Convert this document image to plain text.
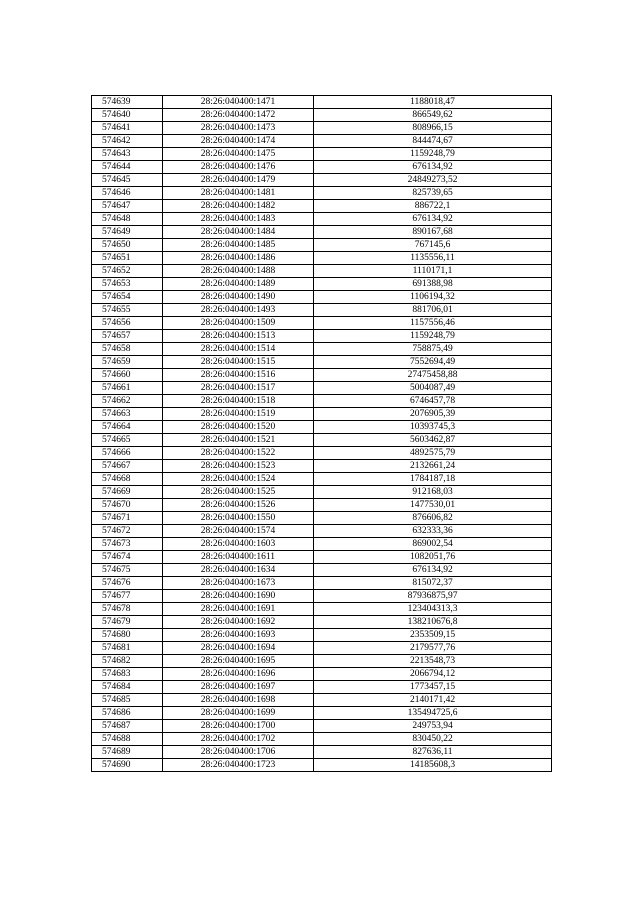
574639	28:26:040400:1471	1188018,47
574640	28:26:040400:1472	866549,62
574641	28:26:040400:1473	808966,15
574642	28:26:040400:1474	844474,67
574643	28:26:040400:1475	1159248,79
574644	28:26:040400:1476	676134,92
574645	28:26:040400:1479	24849273,52
574646	28:26:040400:1481	825739,65
574647	28:26:040400:1482	886722,1
574648	28:26:040400:1483	676134,92
574649	28:26:040400:1484	890167,68
574650	28:26:040400:1485	767145,6
574651	28:26:040400:1486	1135556,11
574652	28:26:040400:1488	1110171,1
574653	28:26:040400:1489	691388,98
574654	28:26:040400:1490	1106194,32
574655	28:26:040400:1493	881706,01
574656	28:26:040400:1509	1157556,46
574657	28:26:040400:1513	1159248,79
574658	28:26:040400:1514	758875,49
574659	28:26:040400:1515	7552694,49
574660	28:26:040400:1516	27475458,88
574661	28:26:040400:1517	5004087,49
574662	28:26:040400:1518	6746457,78
574663	28:26:040400:1519	2076905,39
574664	28:26:040400:1520	10393745,3
574665	28:26:040400:1521	5603462,87
574666	28:26:040400:1522	4892575,79
574667	28:26:040400:1523	2132661,24
574668	28:26:040400:1524	1784187,18
574669	28:26:040400:1525	912168,03
574670	28:26:040400:1526	1477530,01
574671	28:26:040400:1550	876606,82
574672	28:26:040400:1574	632333,36
574673	28:26:040400:1603	869002,54
574674	28:26:040400:1611	1082051,76
574675	28:26:040400:1634	676134,92
574676	28:26:040400:1673	815072,37
574677	28:26:040400:1690	87936875,97
574678	28:26:040400:1691	123404313,3
574679	28:26:040400:1692	138210676,8
574680	28:26:040400:1693	2353509,15
574681	28:26:040400:1694	2179577,76
574682	28:26:040400:1695	2213548,73
574683	28:26:040400:1696	2066794,12
574684	28:26:040400:1697	1773457,15
574685	28:26:040400:1698	2140171,42
574686	28:26:040400:1699	135494725,6
574687	28:26:040400:1700	249753,94
574688	28:26:040400:1702	830450,22
574689	28:26:040400:1706	827636,11
574690	28:26:040400:1723	14185608,3
